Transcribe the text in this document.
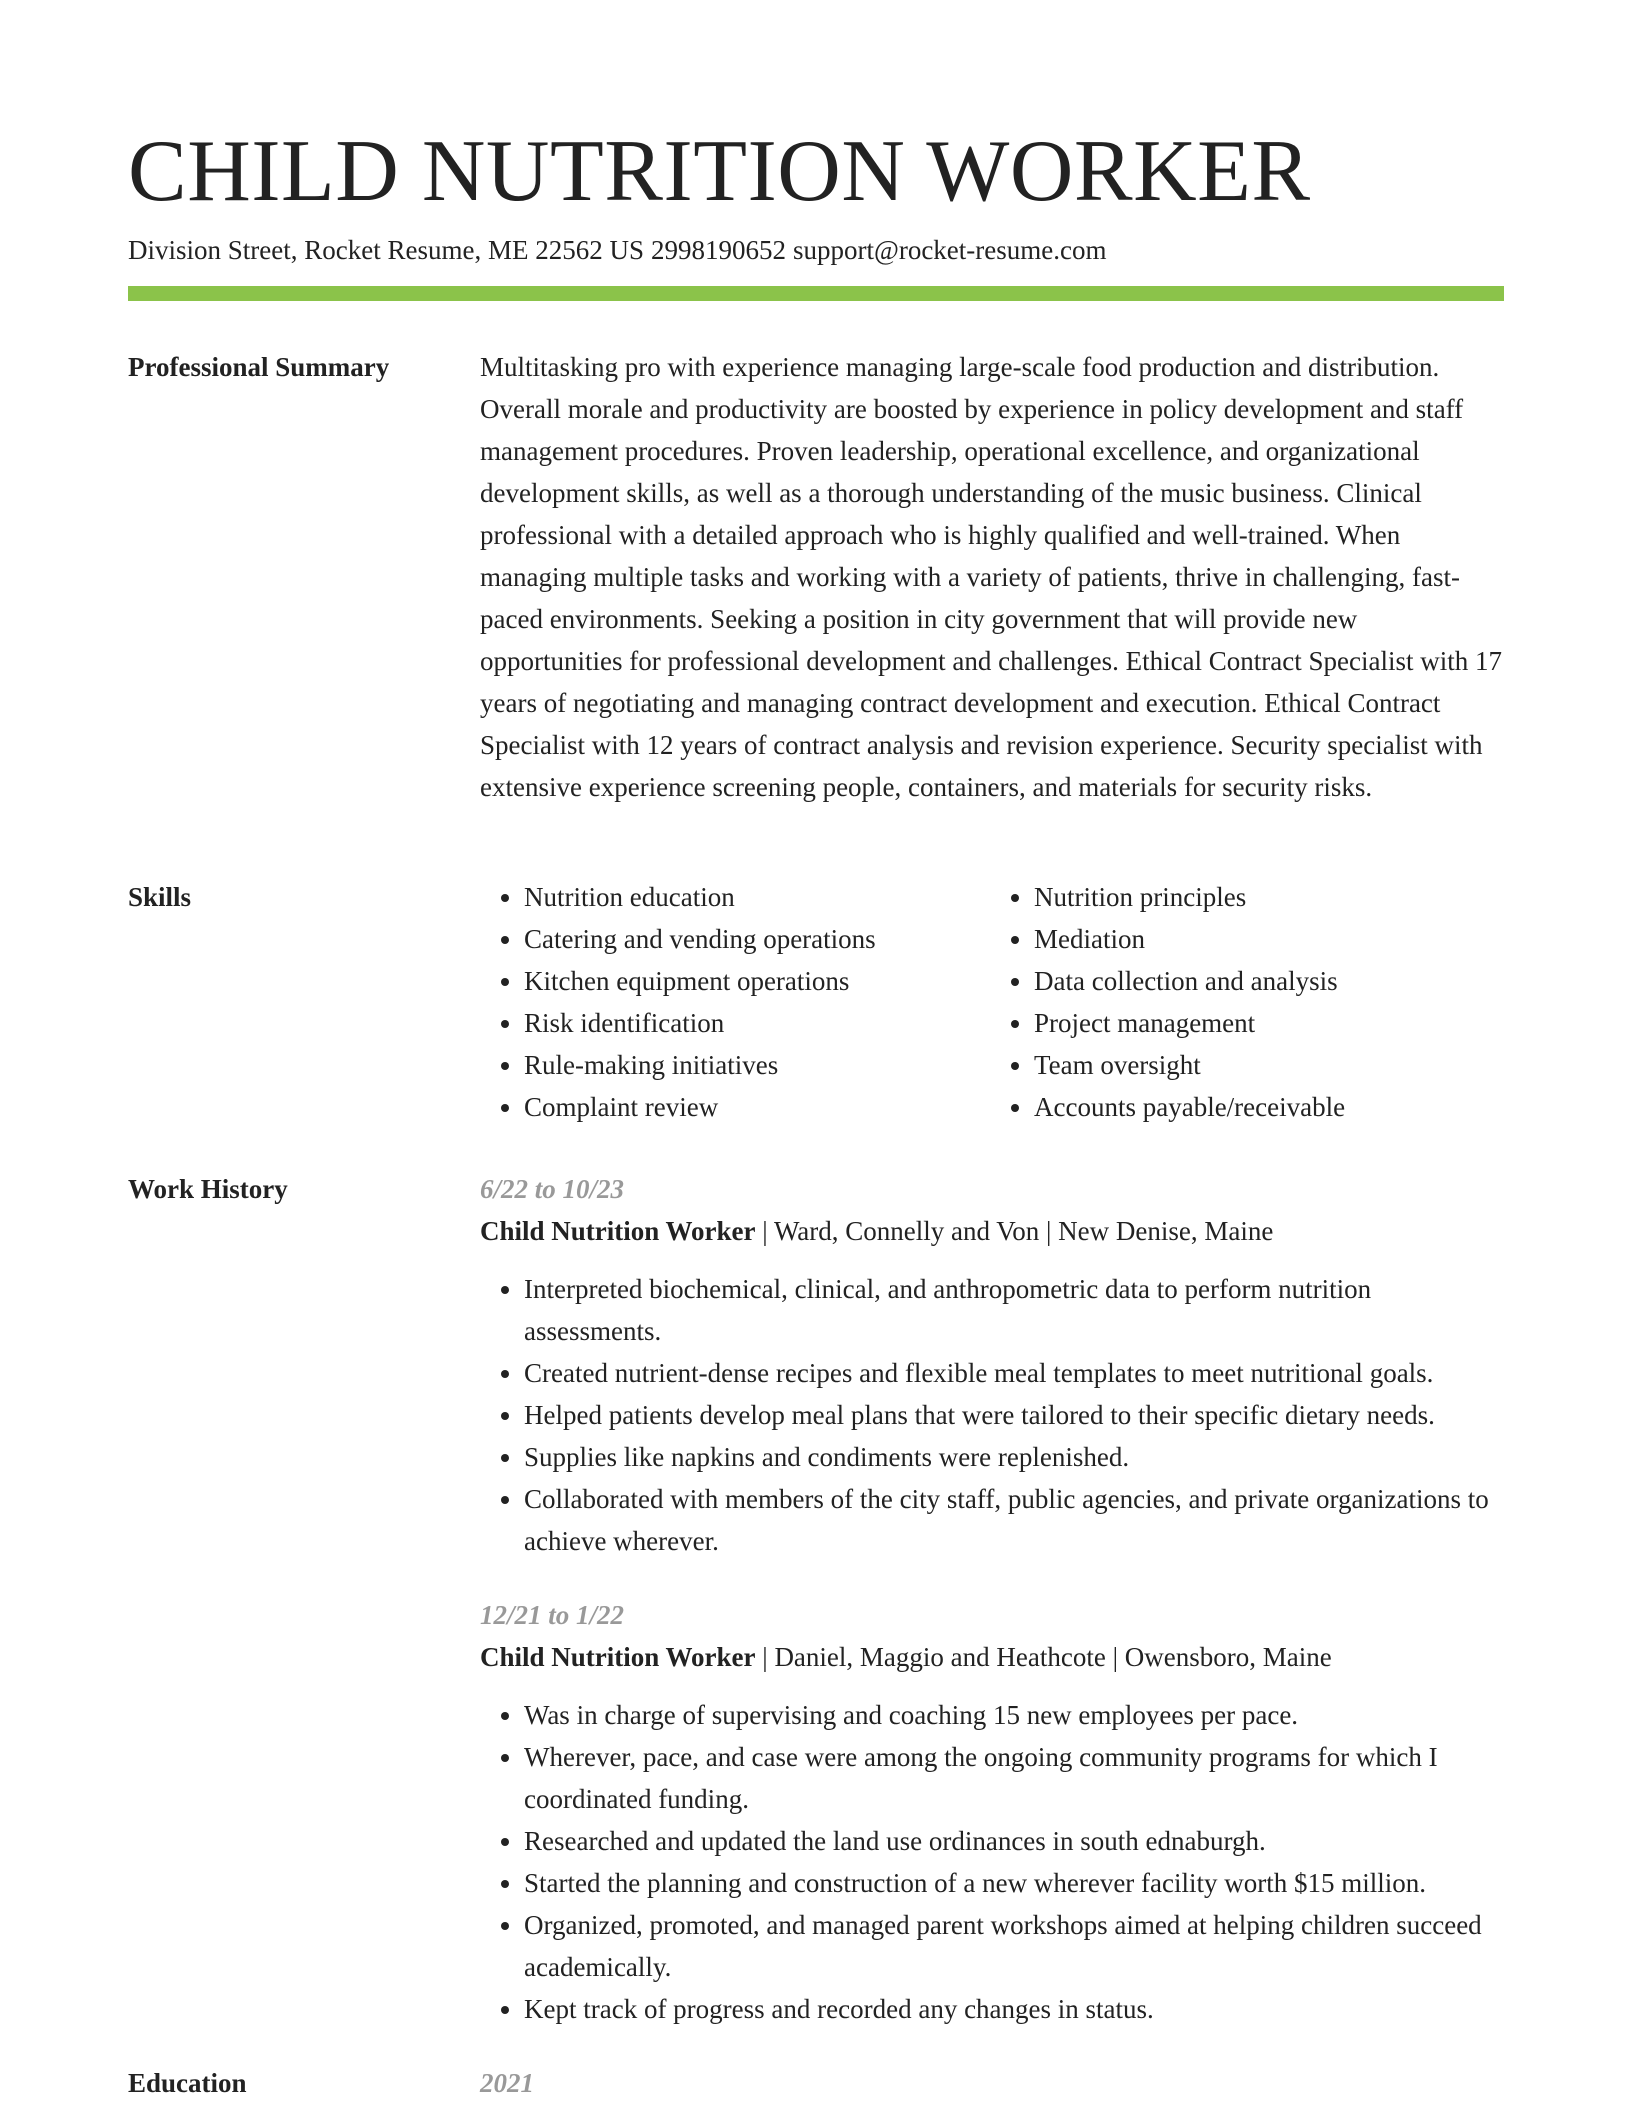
CHILD NUTRITION WORKER
Division Street, Rocket Resume, ME 22562 US 2998190652 support@rocket-resume.com
Professional Summary	Multitasking pro with experience managing large-scale food production and distribution. Overall morale and productivity are boosted by experience in policy development and staff management procedures. Proven leadership, operational excellence, and organizational development skills, as well as a thorough understanding of the music business. Clinical professional with a detailed approach who is highly qualified and well-trained. When managing multiple tasks and working with a variety of patients, thrive in challenging, fast-paced environments. Seeking a position in city government that will provide new opportunities for professional development and challenges. Ethical Contract Specialist with 17 years of negotiating and managing contract development and execution. Ethical Contract Specialist with 12 years of contract analysis and revision experience. Security specialist with extensive experience screening people, containers, and materials for security risks.

Skills
•	Nutrition education
• Catering and vending operations
• Kitchen equipment operations
• Risk identification
• Rule-making initiatives
• Complaint review
• Nutrition principles
• Mediation
• Data collection and analysis
• Project management
• Team oversight
• Accounts payable/receivable
Work History	6/22 to 10/23
Child Nutrition Worker | Ward, Connelly and Von | New Denise, Maine
• Interpreted biochemical, clinical, and anthropometric data to perform nutrition assessments.
• Created nutrient-dense recipes and flexible meal templates to meet nutritional goals.
• Helped patients develop meal plans that were tailored to their specific dietary needs.
• Supplies like napkins and condiments were replenished.
• Collaborated with members of the city staff, public agencies, and private organizations to achieve wherever.
12/21 to 1/22
Child Nutrition Worker | Daniel, Maggio and Heathcote | Owensboro, Maine
• Was in charge of supervising and coaching 15 new employees per pace.
• Wherever, pace, and case were among the ongoing community programs for which I coordinated funding.
• Researched and updated the land use ordinances in south ednaburgh.
• Started the planning and construction of a new wherever facility worth $15 million.
• Organized, promoted, and managed parent workshops aimed at helping children succeed academically.
• Kept track of progress and recorded any changes in status.
Education	2021
